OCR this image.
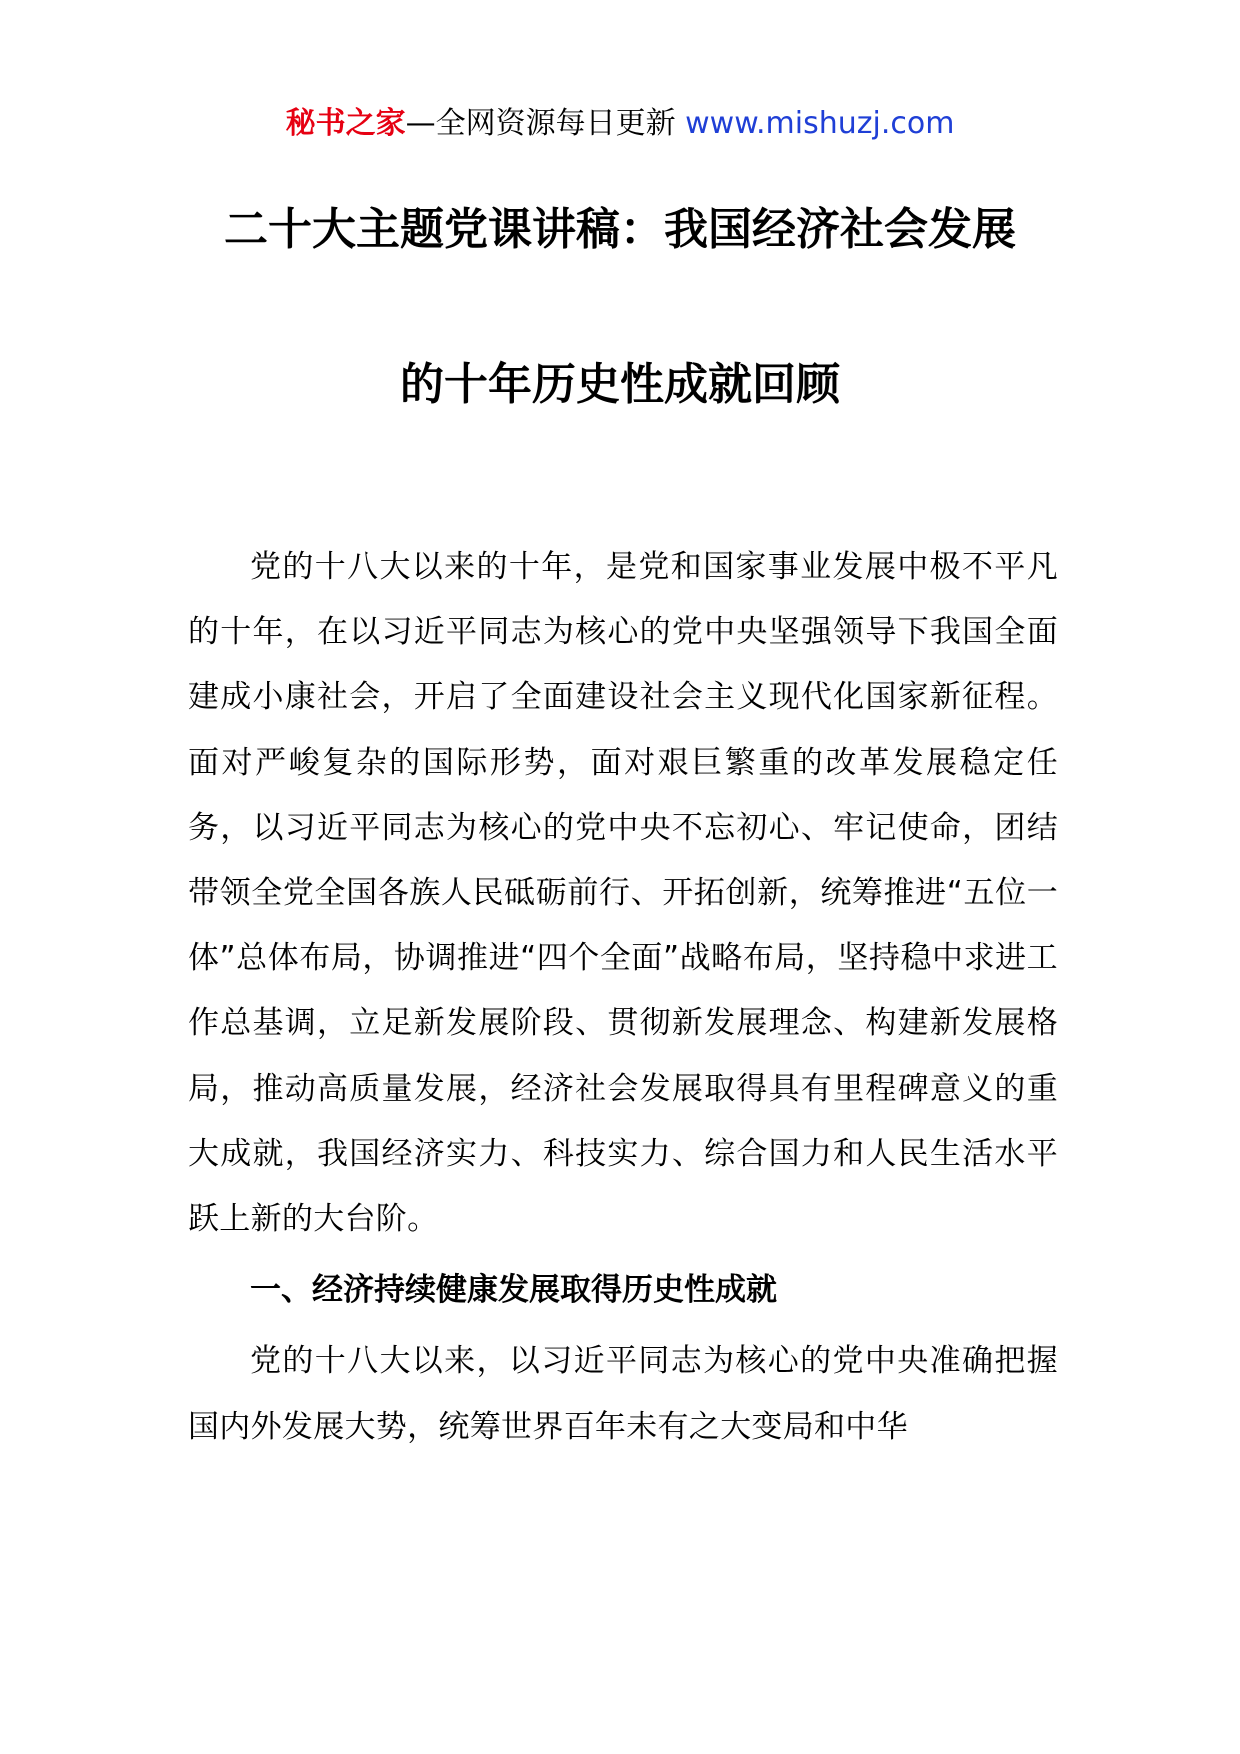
秘书之家—全网资源每日更新 www.mishuzj.com
二十大主题党课讲稿：我国经济社会发展
的十年历史性成就回顾

党的十八大以来的十年，是党和国家事业发展中极不平凡的十年，在以习近平同志为核心的党中央坚强领导下我国全面建成小康社会，开启了全面建设社会主义现代化国家新征程。面对严峻复杂的国际形势，面对艰巨繁重的改革发展稳定任务，以习近平同志为核心的党中央不忘初心、牢记使命，团结带领全党全国各族人民砥砺前行、开拓创新，统筹推进“五位一体”总体布局，协调推进“四个全面”战略布局，坚持稳中求进工作总基调，立足新发展阶段、贯彻新发展理念、构建新发展格局，推动高质量发展，经济社会发展取得具有里程碑意义的重大成就，我国经济实力、科技实力、综合国力和人民生活水平跃上新的大台阶。

一、经济持续健康发展取得历史性成就

党的十八大以来，以习近平同志为核心的党中央准确把握国内外发展大势，统筹世界百年未有之大变局和中华
